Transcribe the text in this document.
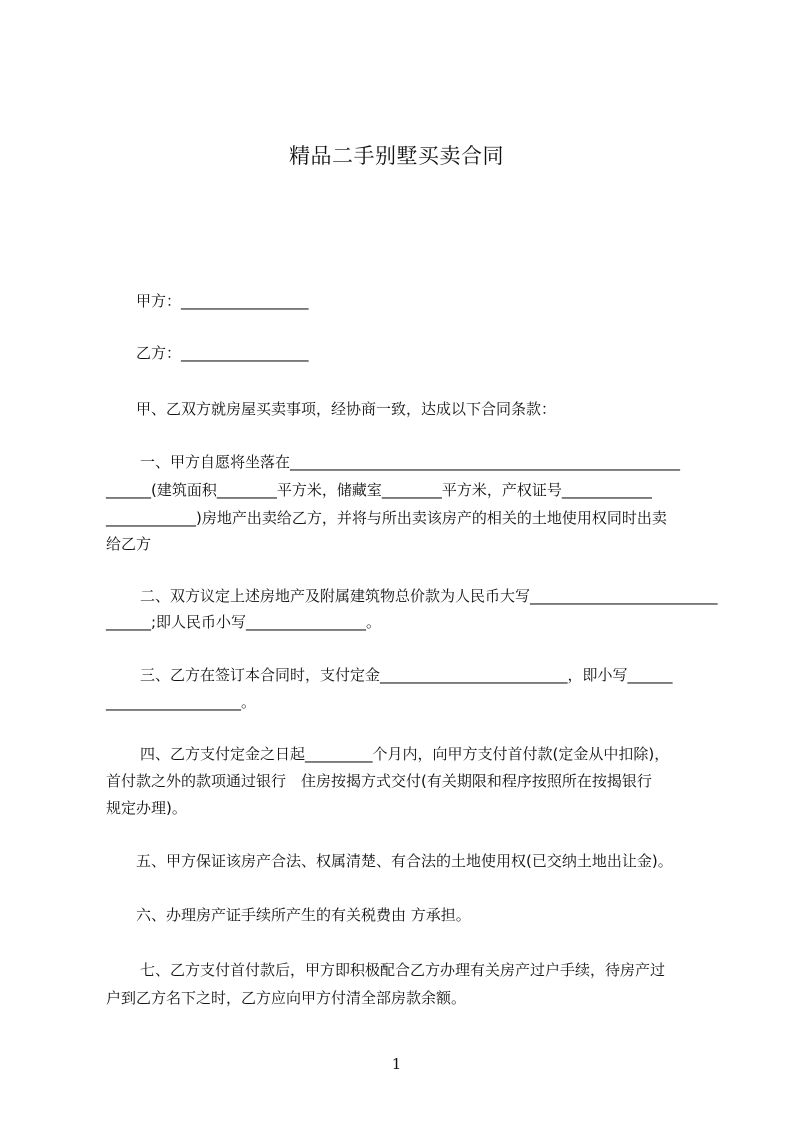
精品二手别墅买卖合同
甲方：_________________
乙方：_________________
甲、乙双方就房屋买卖事项，经协商一致，达成以下合同条款：
一、甲方自愿将坐落在____________________________________________________
______(建筑面积________平方米，储藏室________平方米，产权证号____________
____________)房地产出卖给乙方，并将与所出卖该房产的相关的土地使用权同时出卖
给乙方
二、双方议定上述房地产及附属建筑物总价款为人民币大写_________________________
______;即人民币小写________________。
三、乙方在签订本合同时，支付定金_________________________，即小写______
__________________。
四、乙方支付定金之日起_________个月内，向甲方支付首付款(定金从中扣除)，
首付款之外的款项通过银行　住房按揭方式交付(有关期限和程序按照所在按揭银行
规定办理)。
五、甲方保证该房产合法、权属清楚、有合法的土地使用权(已交纳土地出让金)。
六、办理房产证手续所产生的有关税费由 方承担。
七、乙方支付首付款后，甲方即积极配合乙方办理有关房产过户手续，待房产过
户到乙方名下之时，乙方应向甲方付清全部房款余额。
1
